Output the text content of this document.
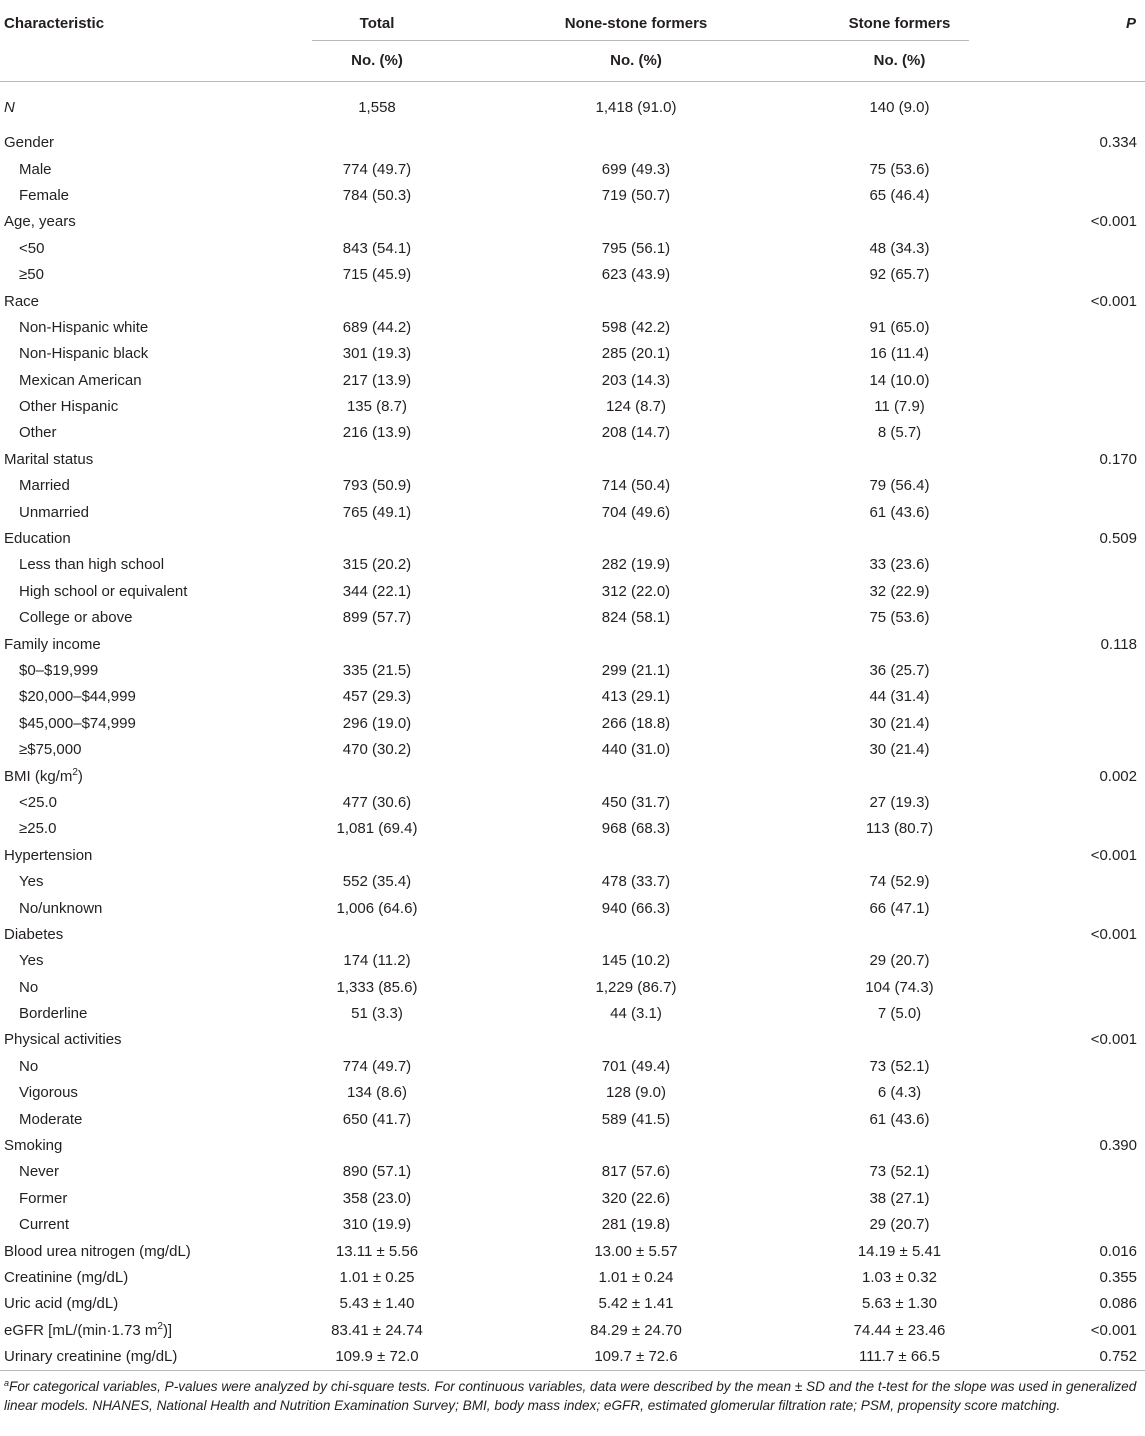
Characteristic	Total	None-stone formers	Stone formers	P
	No. (%)	No. (%)	No. (%)	
N	1,558	1,418 (91.0)	140 (9.0)	
Gender				0.334
Male	774 (49.7)	699 (49.3)	75 (53.6)	
Female	784 (50.3)	719 (50.7)	65 (46.4)	
Age, years				<0.001
<50	843 (54.1)	795 (56.1)	48 (34.3)	
≥50	715 (45.9)	623 (43.9)	92 (65.7)	
Race				<0.001
Non-Hispanic white	689 (44.2)	598 (42.2)	91 (65.0)	
Non-Hispanic black	301 (19.3)	285 (20.1)	16 (11.4)	
Mexican American	217 (13.9)	203 (14.3)	14 (10.0)	
Other Hispanic	135 (8.7)	124 (8.7)	11 (7.9)	
Other	216 (13.9)	208 (14.7)	8 (5.7)	
Marital status				0.170
Married	793 (50.9)	714 (50.4)	79 (56.4)	
Unmarried	765 (49.1)	704 (49.6)	61 (43.6)	
Education				0.509
Less than high school	315 (20.2)	282 (19.9)	33 (23.6)	
High school or equivalent	344 (22.1)	312 (22.0)	32 (22.9)	
College or above	899 (57.7)	824 (58.1)	75 (53.6)	
Family income				0.118
$0–$19,999	335 (21.5)	299 (21.1)	36 (25.7)	
$20,000–$44,999	457 (29.3)	413 (29.1)	44 (31.4)	
$45,000–$74,999	296 (19.0)	266 (18.8)	30 (21.4)	
≥$75,000	470 (30.2)	440 (31.0)	30 (21.4)	
BMI $(kg/m^2)$				0.002
<25.0	477 (30.6)	450 (31.7)	27 (19.3)	
≥25.0	1,081 (69.4)	968 (68.3)	113 (80.7)	
Hypertension				<0.001
Yes	552 (35.4)	478 (33.7)	74 (52.9)	
No/unknown	1,006 (64.6)	940 (66.3)	66 (47.1)	
Diabetes				<0.001
Yes	174 (11.2)	145 (10.2)	29 (20.7)	
No	1,333 (85.6)	1,229 (86.7)	104 (74.3)	
Borderline	51 (3.3)	44 (3.1)	7 (5.0)	
Physical activities				<0.001
No	774 (49.7)	701 (49.4)	73 (52.1)	
Vigorous	134 (8.6)	128 (9.0)	6 (4.3)	
Moderate	650 (41.7)	589 (41.5)	61 (43.6)	
Smoking				0.390
Never	890 (57.1)	817 (57.6)	73 (52.1)	
Former	358 (23.0)	320 (22.6)	38 (27.1)	
Current	310 (19.9)	281 (19.8)	29 (20.7)	
Blood urea nitrogen (mg/dL)	13.11 ± 5.56	13.00 ± 5.57	14.19 ± 5.41	0.016
Creatinine (mg/dL)	1.01 ± 0.25	1.01 ± 0.24	1.03 ± 0.32	0.355
Uric acid (mg/dL)	5.43 ± 1.40	5.42 ± 1.41	5.63 ± 1.30	0.086
eGFR [mL/(min·1.73 $m^2$)]	83.41 ± 24.74	84.29 ± 24.70	74.44 ± 23.46	<0.001
Urinary creatinine (mg/dL)	109.9 ± 72.0	109.7 ± 72.6	111.7 ± 66.5	0.752
$^a$For categorical variables, P-values were analyzed by chi-square tests. For continuous variables, data were described by the mean ± SD and the t-test for the slope was used in generalized linear models. NHANES, National Health and Nutrition Examination Survey; BMI, body mass index; eGFR, estimated glomerular filtration rate; PSM, propensity score matching.
